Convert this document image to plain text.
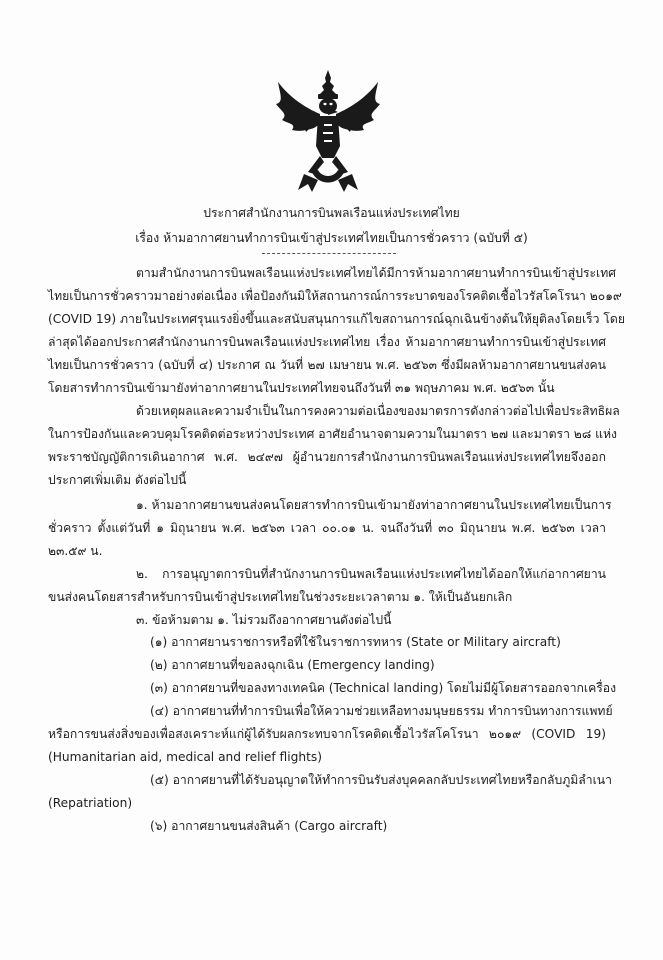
ประกาศสำนักงานการบินพลเรือนแห่งประเทศไทย
เรื่อง ห้ามอากาศยานทำการบินเข้าสู่ประเทศไทยเป็นการชั่วคราว (ฉบับที่ ๕)
ตามสำนักงานการบินพลเรือนแห่งประเทศไทยได้มีการห้ามอากาศยานทำการบินเข้าสู่ประเทศ
ไทยเป็นการชั่วคราวมาอย่างต่อเนื่อง เพื่อป้องกันมิให้สถานการณ์การระบาดของโรคติดเชื้อไวรัสโคโรนา ๒๐๑๙
(COVID 19) ภายในประเทศรุนแรงยิ่งขึ้นและสนับสนุนการแก้ไขสถานการณ์ฉุกเฉินข้างต้นให้ยุติลงโดยเร็ว โดย
ล่าสุดได้ออกประกาศสำนักงานการบินพลเรือนแห่งประเทศไทย เรื่อง ห้ามอากาศยานทำการบินเข้าสู่ประเทศ
ไทยเป็นการชั่วคราว (ฉบับที่ ๔) ประกาศ ณ วันที่ ๒๗ เมษายน พ.ศ. ๒๕๖๓ ซึ่งมีผลห้ามอากาศยานขนส่งคน
โดยสารทำการบินเข้ามายังท่าอากาศยานในประเทศไทยจนถึงวันที่ ๓๑ พฤษภาคม พ.ศ. ๒๕๖๓ นั้น
ด้วยเหตุผลและความจำเป็นในการคงความต่อเนื่องของมาตรการดังกล่าวต่อไปเพื่อประสิทธิผล
ในการป้องกันและควบคุมโรคติดต่อระหว่างประเทศ อาศัยอำนาจตามความในมาตรา ๒๗ และมาตรา ๒๘ แห่ง
พระราชบัญญัติการเดินอากาศ พ.ศ. ๒๔๙๗ ผู้อำนวยการสำนักงานการบินพลเรือนแห่งประเทศไทยจึงออก
ประกาศเพิ่มเติม ดังต่อไปนี้
๑. ห้ามอากาศยานขนส่งคนโดยสารทำการบินเข้ามายังท่าอากาศยานในประเทศไทยเป็นการ
ชั่วคราว ตั้งแต่วันที่ ๑ มิถุนายน พ.ศ. ๒๕๖๓ เวลา ๐๐.๐๑ น. จนถึงวันที่ ๓๐ มิถุนายน พ.ศ. ๒๕๖๓ เวลา
๒๓.๕๙ น.
๒. การอนุญาตการบินที่สำนักงานการบินพลเรือนแห่งประเทศไทยได้ออกให้แก่อากาศยาน
ขนส่งคนโดยสารสำหรับการบินเข้าสู่ประเทศไทยในช่วงระยะเวลาตาม ๑. ให้เป็นอันยกเลิก
๓. ข้อห้ามตาม ๑. ไม่รวมถึงอากาศยานดังต่อไปนี้
(๑) อากาศยานราชการหรือที่ใช้ในราชการทหาร (State or Military aircraft)
(๒) อากาศยานที่ขอลงฉุกเฉิน (Emergency landing)
(๓) อากาศยานที่ขอลงทางเทคนิค (Technical landing) โดยไม่มีผู้โดยสารออกจากเครื่อง
(๔) อากาศยานที่ทำการบินเพื่อให้ความช่วยเหลือทางมนุษยธรรม ทำการบินทางการแพทย์
หรือการขนส่งสิ่งของเพื่อสงเคราะห์แก่ผู้ได้รับผลกระทบจากโรคติดเชื้อไวรัสโคโรนา ๒๐๑๙ (COVID 19)
(Humanitarian aid, medical and relief flights)
(๕) อากาศยานที่ได้รับอนุญาตให้ทำการบินรับส่งบุคคลกลับประเทศไทยหรือกลับภูมิลำเนา
(Repatriation)
(๖) อากาศยานขนส่งสินค้า (Cargo aircraft)
